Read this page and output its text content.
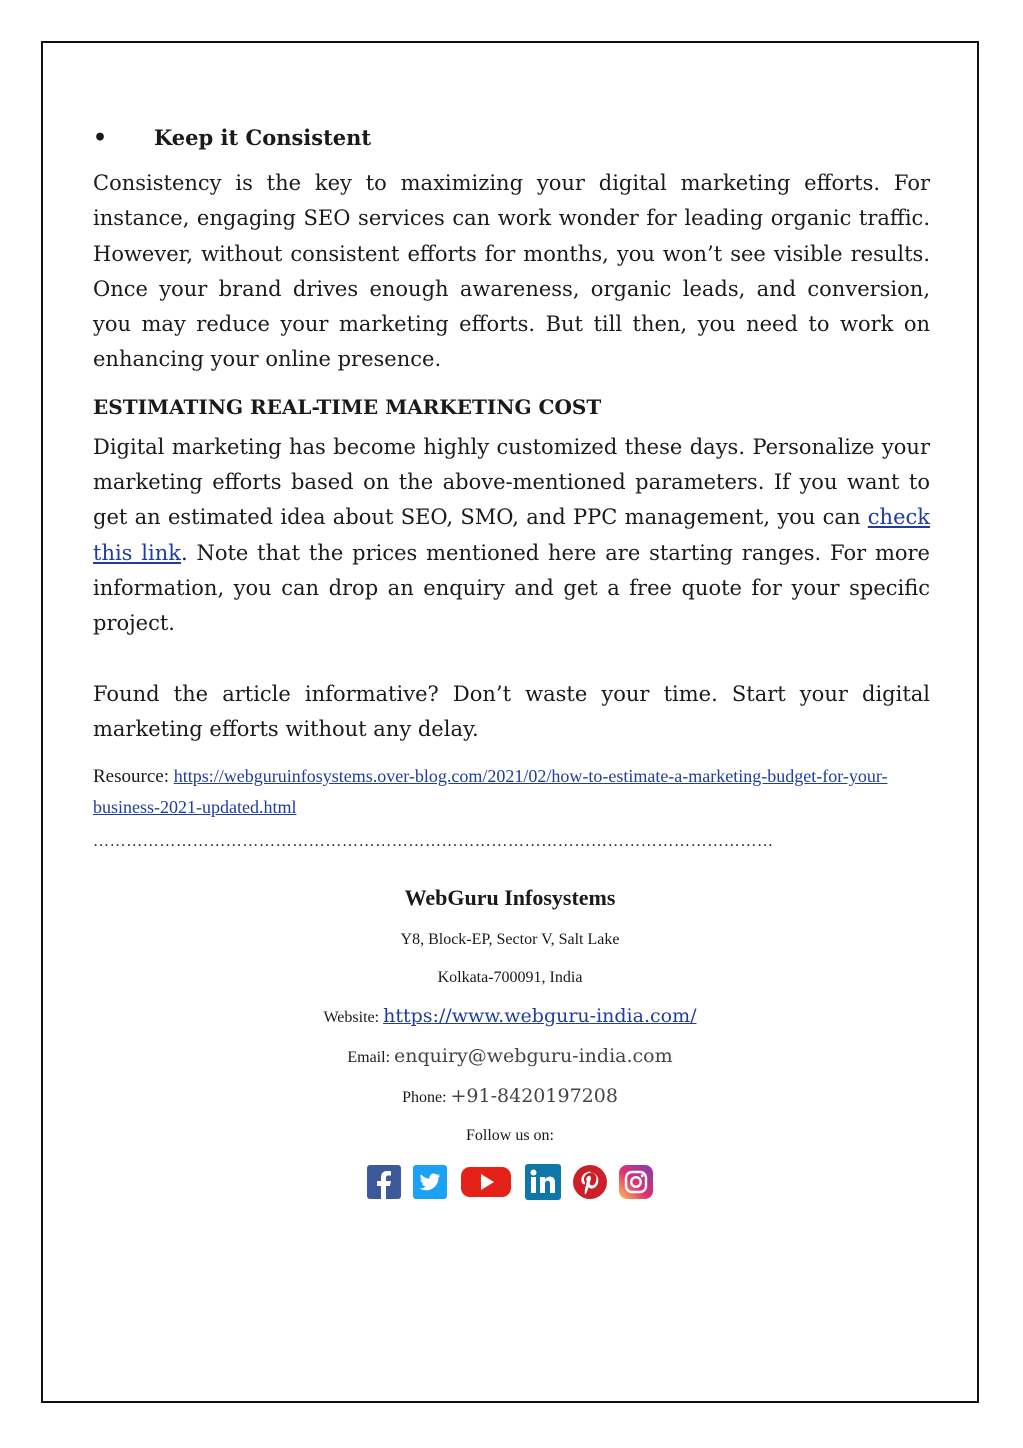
• Keep it Consistent

Consistency is the key to maximizing your digital marketing efforts. For instance, engaging SEO services can work wonder for leading organic traffic. However, without consistent efforts for months, you won’t see visible results. Once your brand drives enough awareness, organic leads, and conversion, you may reduce your marketing efforts. But till then, you need to work on enhancing your online presence.

ESTIMATING REAL-TIME MARKETING COST

Digital marketing has become highly customized these days. Personalize your marketing efforts based on the above-mentioned parameters. If you want to get an estimated idea about SEO, SMO, and PPC management, you can check this link. Note that the prices mentioned here are starting ranges. For more information, you can drop an enquiry and get a free quote for your specific project.

Found the article informative? Don’t waste your time. Start your digital marketing efforts without any delay.

Resource: https://webguruinfosystems.over-blog.com/2021/02/how-to-estimate-a-marketing-budget-for-your-business-2021-updated.html
……………………………………………………………………………………………………………
WebGuru Infosystems
Y8, Block-EP, Sector V, Salt Lake
Kolkata-700091, India
Website: https://www.webguru-india.com/
Email: enquiry@webguru-india.com
Phone: +91-8420197208
Follow us on:
